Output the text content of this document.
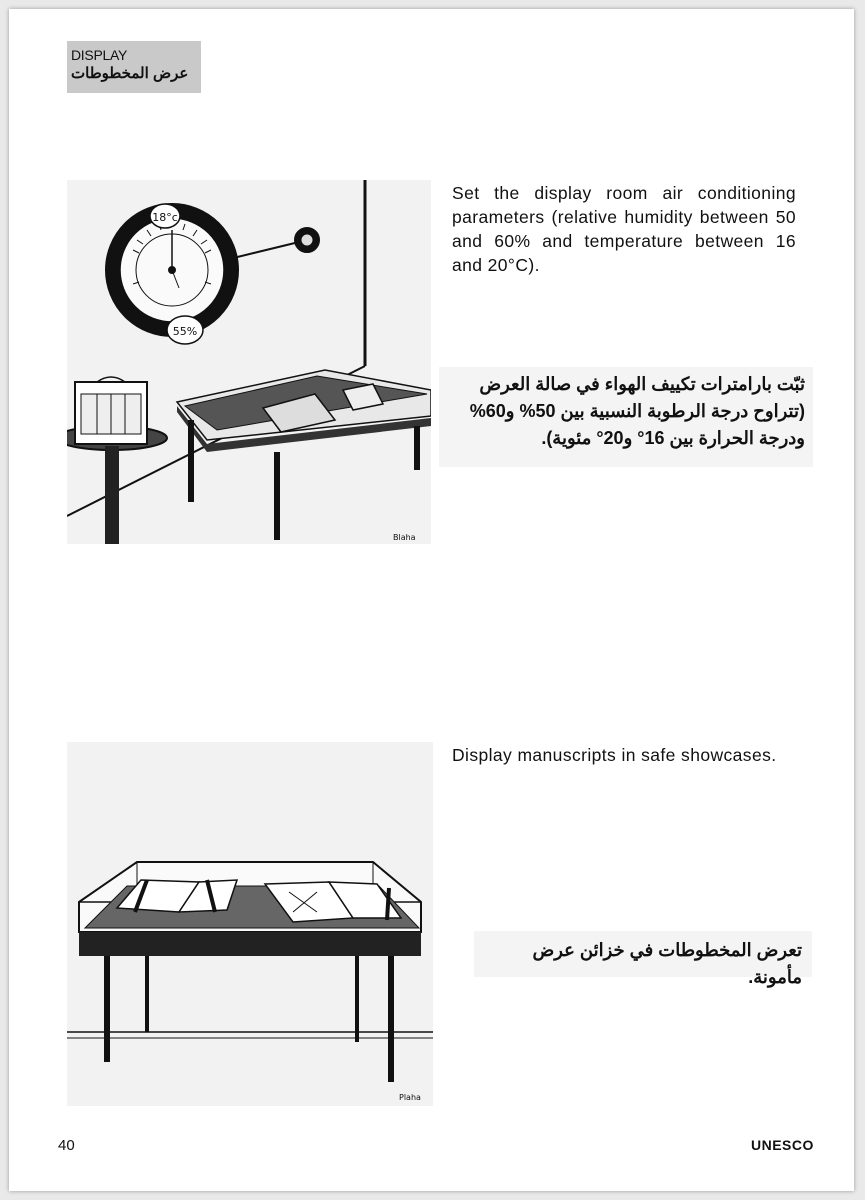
DISPLAY
عرض المخطوطات
18°c
55%
Blaha
Set the display room air conditioning parameters (relative humidity between 50 and 60% and temperature between 16 and 20°C).
ثبّت بارامترات تكييف الهواء في صالة العرض (تتراوح درجة الرطوبة النسبية بين 50% و60% ودرجة الحرارة بين 16° و20° مئوية).
Plaha
Display manuscripts in safe showcases.
تعرض المخطوطات في خزائن عرض مأمونة.
40	UNESCO
